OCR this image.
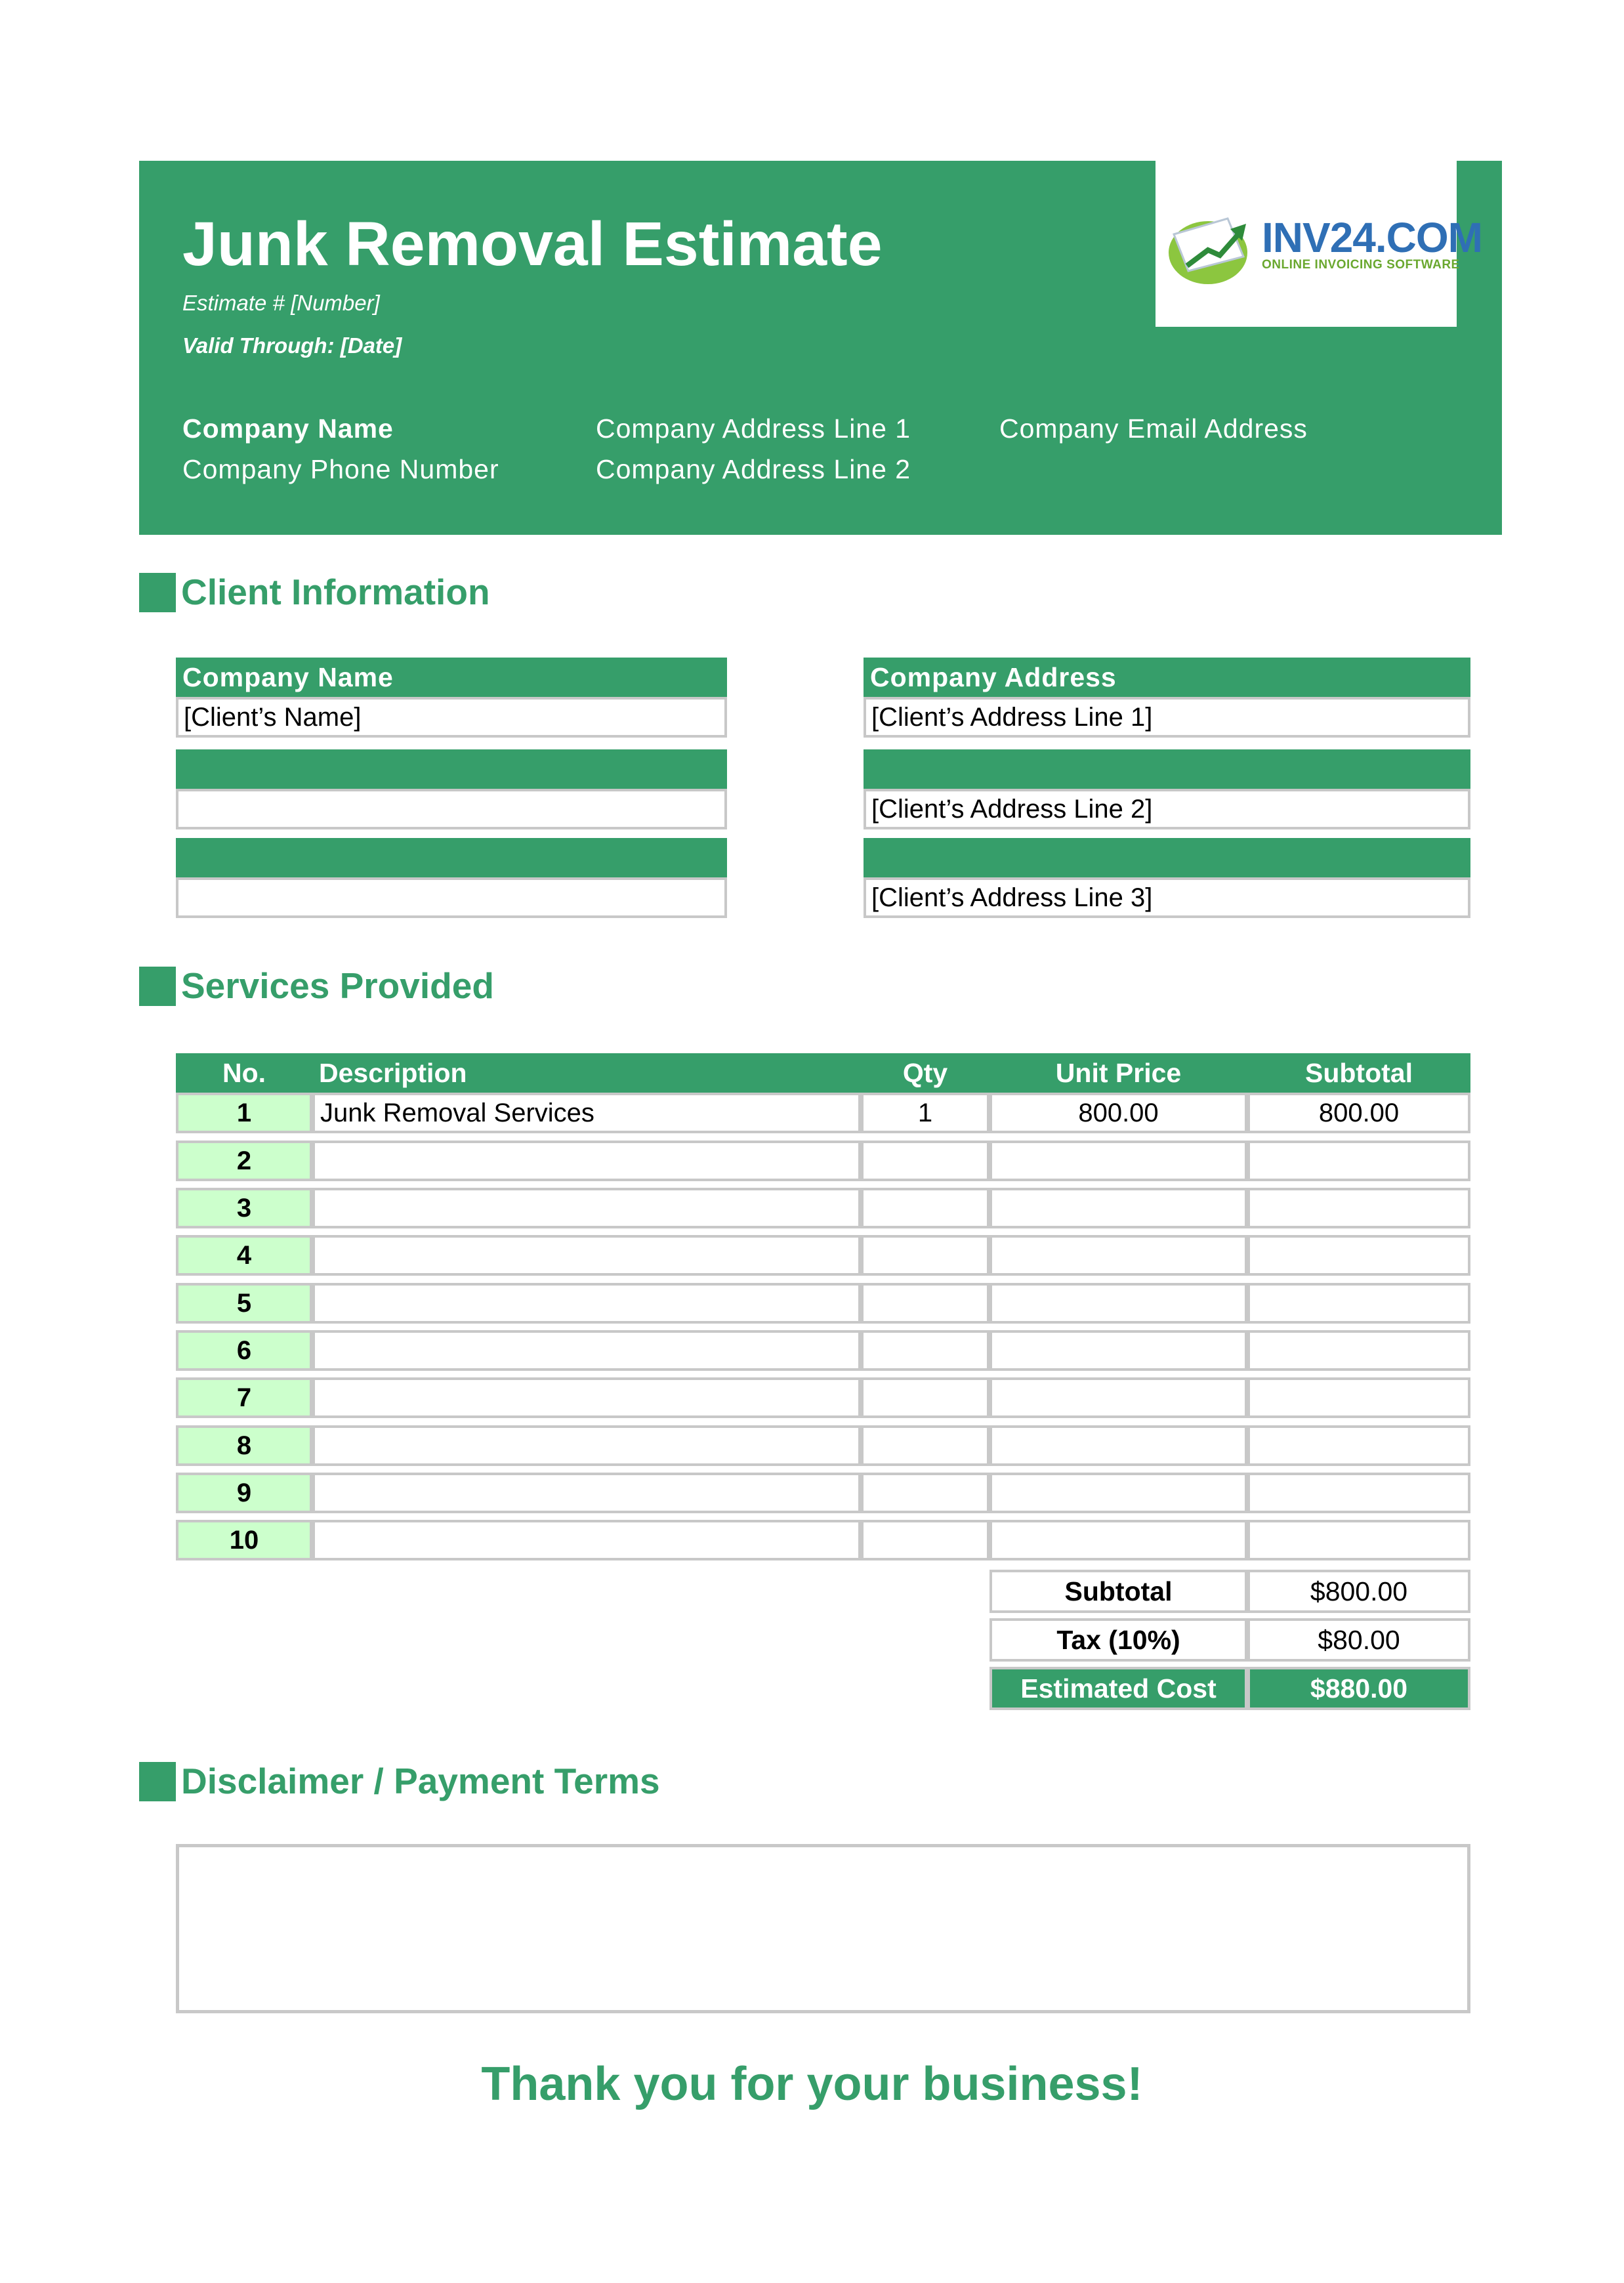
Junk Removal Estimate
Estimate # [Number]
Valid Through: [Date]
Company Name
Company Phone Number
Company Address Line 1
Company Address Line 2
Company Email Address
INV24.COM
ONLINE INVOICING SOFTWARE
Client Information
Company Name
[Client’s Name]
Company Address
[Client’s Address Line 1]
[Client’s Address Line 2]
[Client’s Address Line 3]
Services Provided
No.	Description	Qty	Unit Price	Subtotal
1	Junk Removal Services	1	800.00	800.00
2
3
4
5
6
7
8
9
10
Subtotal	$800.00
Tax (10%)	$80.00
Estimated Cost	$880.00
Disclaimer / Payment Terms
Thank you for your business!
